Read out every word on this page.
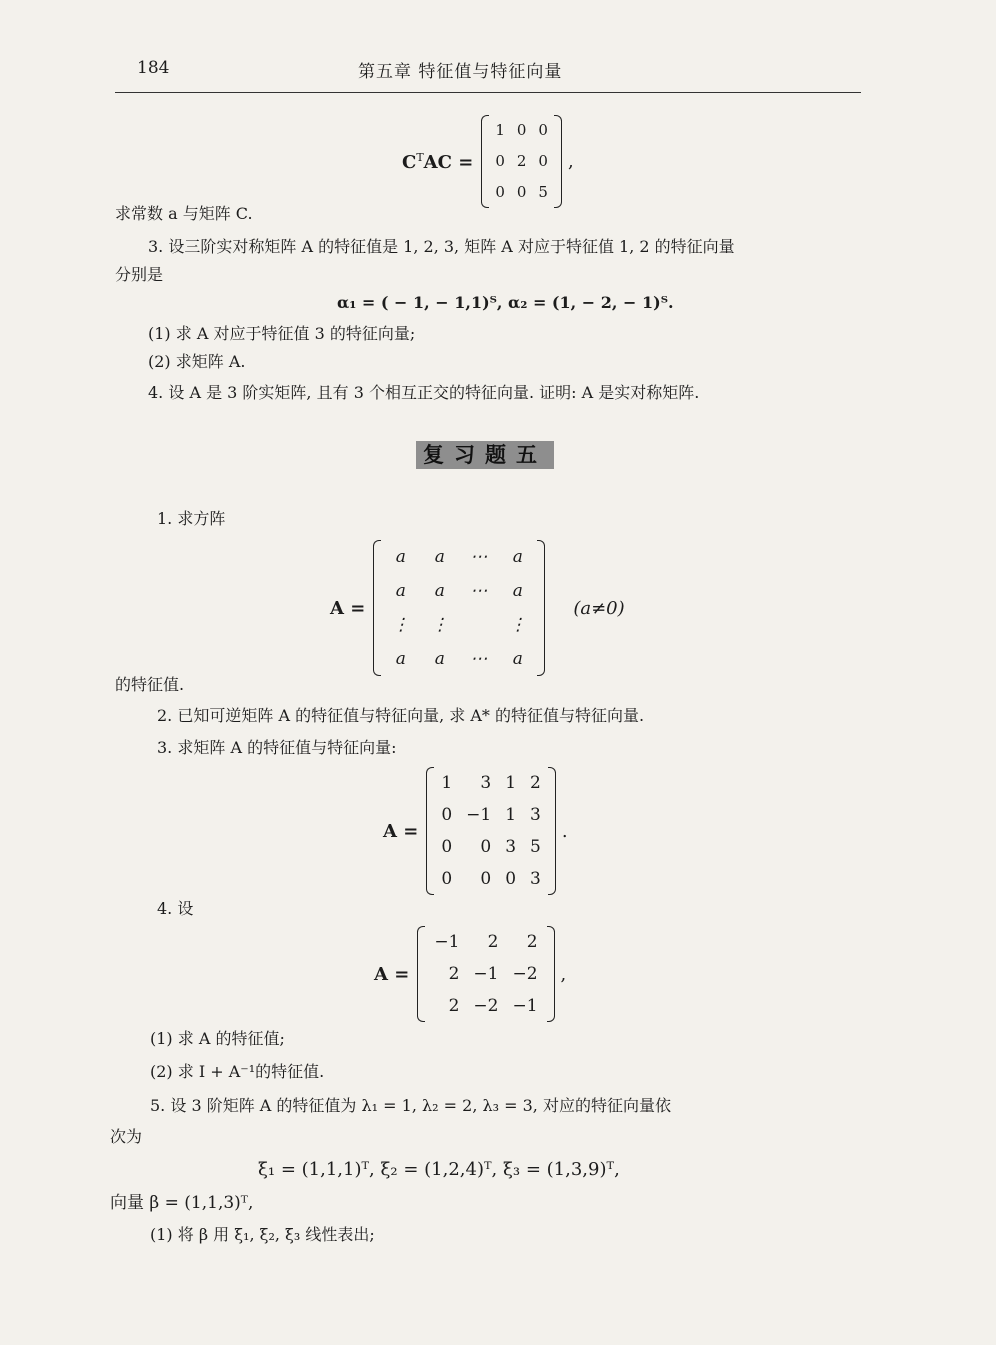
184	第五章 特征值与特征向量
$C^TAC$ =
1	0	0
0	2	0
0	0	5
,
求常数 a 与矩阵 C.
3. 设三阶实对称矩阵 A 的特征值是 1, 2, 3, 矩阵 A 对应于特征值 1, 2 的特征向量
分别是
α₁ = ( − 1, − 1,1)ᵀ, α₂ = (1, − 2, − 1)ᵀ.
(1) 求 A 对应于特征值 3 的特征向量;
(2) 求矩阵 A.
4. 设 A 是 3 阶实矩阵, 且有 3 个相互正交的特征向量. 证明: A 是实对称矩阵.
复习题五
1. 求方阵
A =
a	a	⋯	a
a	a	⋯	a
⋮	⋮		⋮
a	a	⋯	a
(a≠0)
的特征值.
2. 已知可逆矩阵 A 的特征值与特征向量, 求 A* 的特征值与特征向量.
3. 求矩阵 A 的特征值与特征向量:
A =
1	3	1	2
0	−1	1	3
0	0	3	5
0	0	0	3
.
4. 设
A =
−1	2	2
2	−1	−2
2	−2	−1
,
(1) 求 A 的特征值;
(2) 求 I + A⁻¹的特征值.
5. 设 3 阶矩阵 A 的特征值为 λ₁ = 1, λ₂ = 2, λ₃ = 3, 对应的特征向量依
次为
ξ₁ = (1,1,1)ᵀ, ξ₂ = (1,2,4)ᵀ, ξ₃ = (1,3,9)ᵀ,
向量 β = (1,1,3)ᵀ,
(1) 将 β 用 ξ₁, ξ₂, ξ₃ 线性表出;
